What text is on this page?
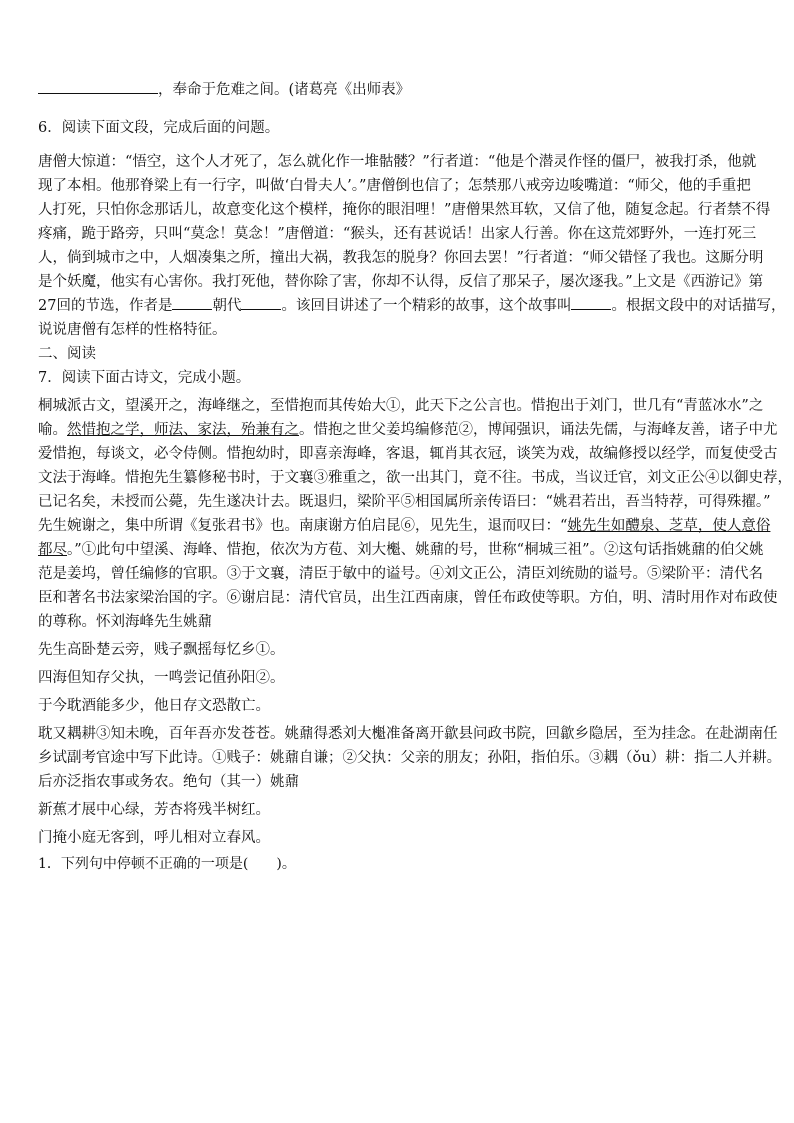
，奉命于危难之间。(诸葛亮《出师表》
6．阅读下面文段，完成后面的问题。
唐僧大惊道：“悟空，这个人才死了，怎么就化作一堆骷髅？”行者道：“他是个潜灵作怪的僵尸，被我打杀，他就
现了本相。他那脊梁上有一行字，叫做‘白骨夫人’。”唐僧倒也信了；怎禁那八戒旁边唆嘴道：“师父，他的手重把
人打死，只怕你念那话儿，故意变化这个模样，掩你的眼泪哩！”唐僧果然耳软，又信了他，随复念起。行者禁不得
疼痛，跪于路旁，只叫“莫念！莫念！”唐僧道：“猴头，还有甚说话！出家人行善。你在这荒郊野外，一连打死三
人，倘到城市之中，人烟凑集之所，撞出大祸，教我怎的脱身？你回去罢！”行者道：“师父错怪了我也。这厮分明
是个妖魔，他实有心害你。我打死他，替你除了害，你却不认得，反信了那呆子，屡次逐我。”上文是《西游记》第
27回的节选，作者是	朝代	。该回目讲述了一个精彩的故事，这个故事叫	。根据文段中的对话描写，
说说唐僧有怎样的性格特征。
二、阅读
7．阅读下面古诗文，完成小题。
桐城派古文，望溪开之，海峰继之，至惜抱而其传始大①，此天下之公言也。惜抱出于刘门，世几有“青蓝冰水”之
喻。然惜抱之学，师法、家法，殆兼有之。惜抱之世父姜坞编修范②，博闻强识，诵法先儒，与海峰友善，诸子中尤
爱惜抱，每谈文，必令侍侧。惜抱幼时，即喜亲海峰，客退，辄肖其衣冠，谈笑为戏，故编修授以经学，而复使受古
文法于海峰。惜抱先生纂修秘书时，于文襄③雅重之，欲一出其门，竟不往。书成，当议迁官，刘文正公④以御史荐，
已记名矣，未授而公薨，先生遂决计去。既退归，梁阶平⑤相国属所亲传语曰：“姚君若出，吾当特荐，可得殊擢。”
先生婉谢之，集中所谓《复张君书》也。南康谢方伯启昆⑥，见先生，退而叹曰：“姚先生如醴泉、芝草，使人意俗
都尽。”①此句中望溪、海峰、惜抱，依次为方苞、刘大櫆、姚鼐的号，世称“桐城三祖”。②这句话指姚鼐的伯父姚
范是姜坞，曾任编修的官职。③于文襄，清臣于敏中的谥号。④刘文正公，清臣刘统勋的谥号。⑤梁阶平：清代名
臣和著名书法家梁治国的字。⑥谢启昆：清代官员，出生江西南康，曾任布政使等职。方伯，明、清时用作对布政使
的尊称。怀刘海峰先生姚鼐
先生高卧楚云旁，贱子飘摇每忆乡①。
四海但知存父执，一鸣尝记值孙阳②。
于今耽酒能多少，他日存文恐散亡。
耽又耦耕③知未晚，百年吾亦发苍苍。姚鼐得悉刘大櫆准备离开歙县问政书院，回歙乡隐居，至为挂念。在赴湖南任
乡试副考官途中写下此诗。①贱子：姚鼐自谦；②父执：父亲的朋友；孙阳，指伯乐。③耦（ǒu）耕：指二人并耕。
后亦泛指农事或务农。绝句（其一）姚鼐
新蕉才展中心绿，芳杏将残半树红。
门掩小庭无客到，呼儿相对立春风。
1．下列句中停顿不正确的一项是(　　)。
